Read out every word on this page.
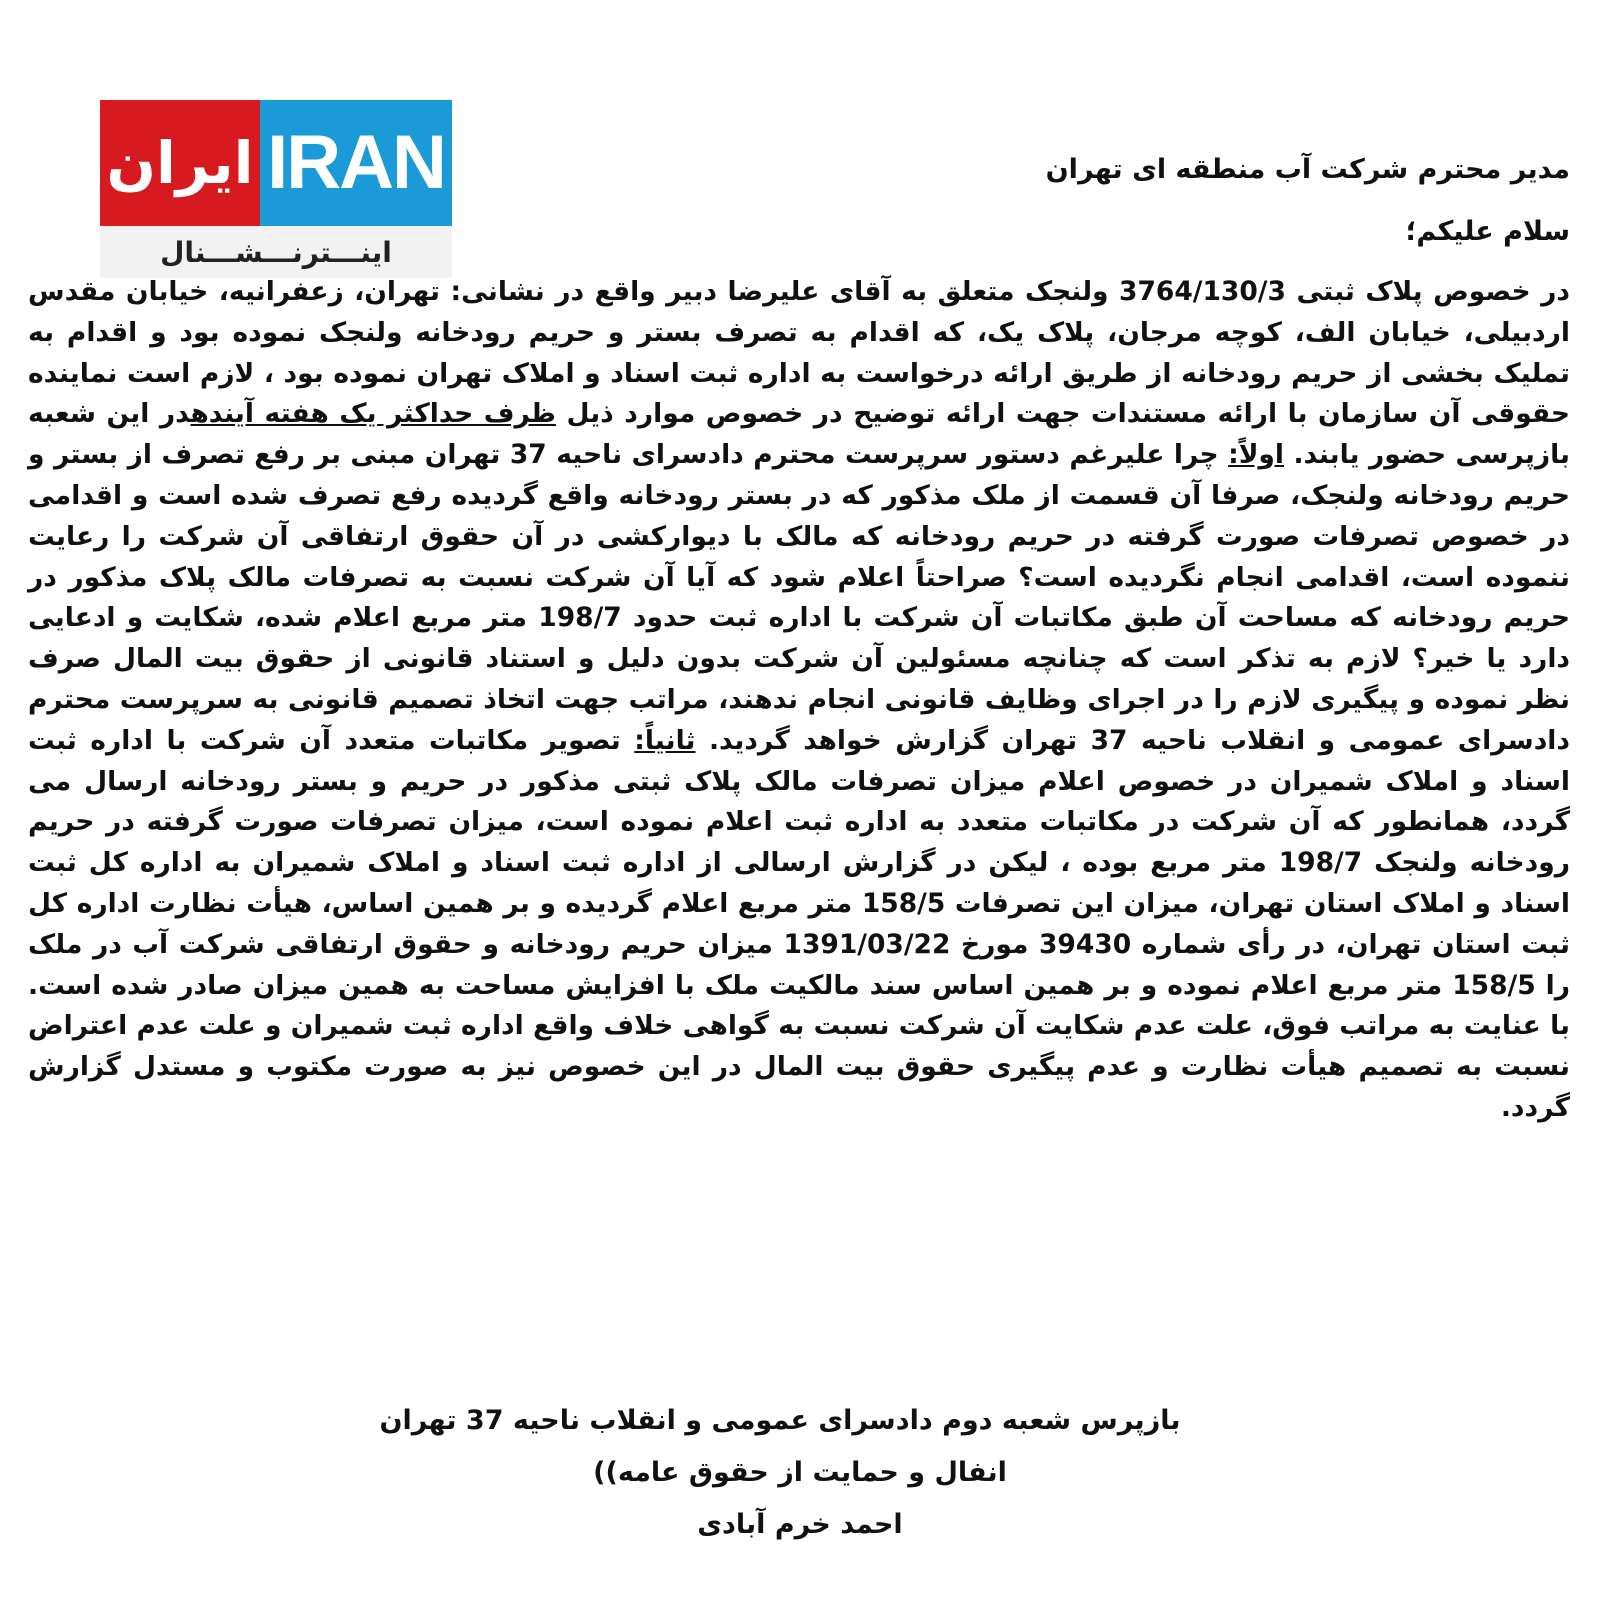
ایران IRAN
اینـــترنـــشـــنال
مدیر محترم شرکت آب منطقه ای تهران
سلام علیکم؛

در خصوص پلاک ثبتی 3764/130/3 ولنجک متعلق به آقای علیرضا دبیر واقع در نشانی: تهران، زعفرانیه، خیابان مقدس اردبیلی، خیابان الف، کوچه مرجان، پلاک یک، که اقدام به تصرف بستر و حریم رودخانه ولنجک نموده بود و اقدام به تملیک بخشی از حریم رودخانه از طریق ارائه درخواست به اداره ثبت اسناد و املاک تهران نموده بود ، لازم است نماینده حقوقی آن سازمان با ارائه مستندات جهت ارائه توضیح در خصوص موارد ذیل ظرف حداکثر یک هفته آیندهدر این شعبه بازپرسی حضور یابند. اولاً: چرا علیرغم دستور سرپرست محترم دادسرای ناحیه 37 تهران مبنی بر رفع تصرف از بستر و حریم رودخانه ولنجک، صرفا آن قسمت از ملک مذکور که در بستر رودخانه واقع گردیده رفع تصرف شده است و اقدامی در خصوص تصرفات صورت گرفته در حریم رودخانه که مالک با دیوارکشی در آن حقوق ارتفاقی آن شرکت را رعایت ننموده است، اقدامی انجام نگردیده است؟ صراحتاً اعلام شود که آیا آن شرکت نسبت به تصرفات مالک پلاک مذکور در حریم رودخانه که مساحت آن طبق مکاتبات آن شرکت با اداره ثبت حدود 198/7 متر مربع اعلام شده، شکایت و ادعایی دارد یا خیر؟ لازم به تذکر است که چنانچه مسئولین آن شرکت بدون دلیل و استناد قانونی از حقوق بیت المال صرف نظر نموده و پیگیری لازم را در اجرای وظایف قانونی انجام ندهند، مراتب جهت اتخاذ تصمیم قانونی به سرپرست محترم دادسرای عمومی و انقلاب ناحیه 37 تهران گزارش خواهد گردید. ثانیاً: تصویر مکاتبات متعدد آن شرکت با اداره ثبت اسناد و املاک شمیران در خصوص اعلام میزان تصرفات مالک پلاک ثبتی مذکور در حریم و بستر رودخانه ارسال می گردد، همانطور که آن شرکت در مکاتبات متعدد به اداره ثبت اعلام نموده است، میزان تصرفات صورت گرفته در حریم رودخانه ولنجک 198/7 متر مربع بوده ، لیکن در گزارش ارسالی از اداره ثبت اسناد و املاک شمیران به اداره کل ثبت اسناد و املاک استان تهران، میزان این تصرفات 158/5 متر مربع اعلام گردیده و بر همین اساس، هیأت نظارت اداره کل ثبت استان تهران، در رأی شماره 39430 مورخ 1391/03/22 میزان حریم رودخانه و حقوق ارتفاقی شرکت آب در ملک را 158/5 متر مربع اعلام نموده و بر همین اساس سند مالکیت ملک با افزایش مساحت به همین میزان صادر شده است. با عنایت به مراتب فوق، علت عدم شکایت آن شرکت نسبت به گواهی خلاف واقع اداره ثبت شمیران و علت عدم اعتراض نسبت به تصمیم هیأت نظارت و عدم پیگیری حقوق بیت المال در این خصوص نیز به صورت مکتوب و مستدل گزارش گردد.

بازپرس شعبه دوم دادسرای عمومی و انقلاب ناحیه 37 تهران
انفال و حمایت از حقوق عامه))
احمد خرم آبادی
